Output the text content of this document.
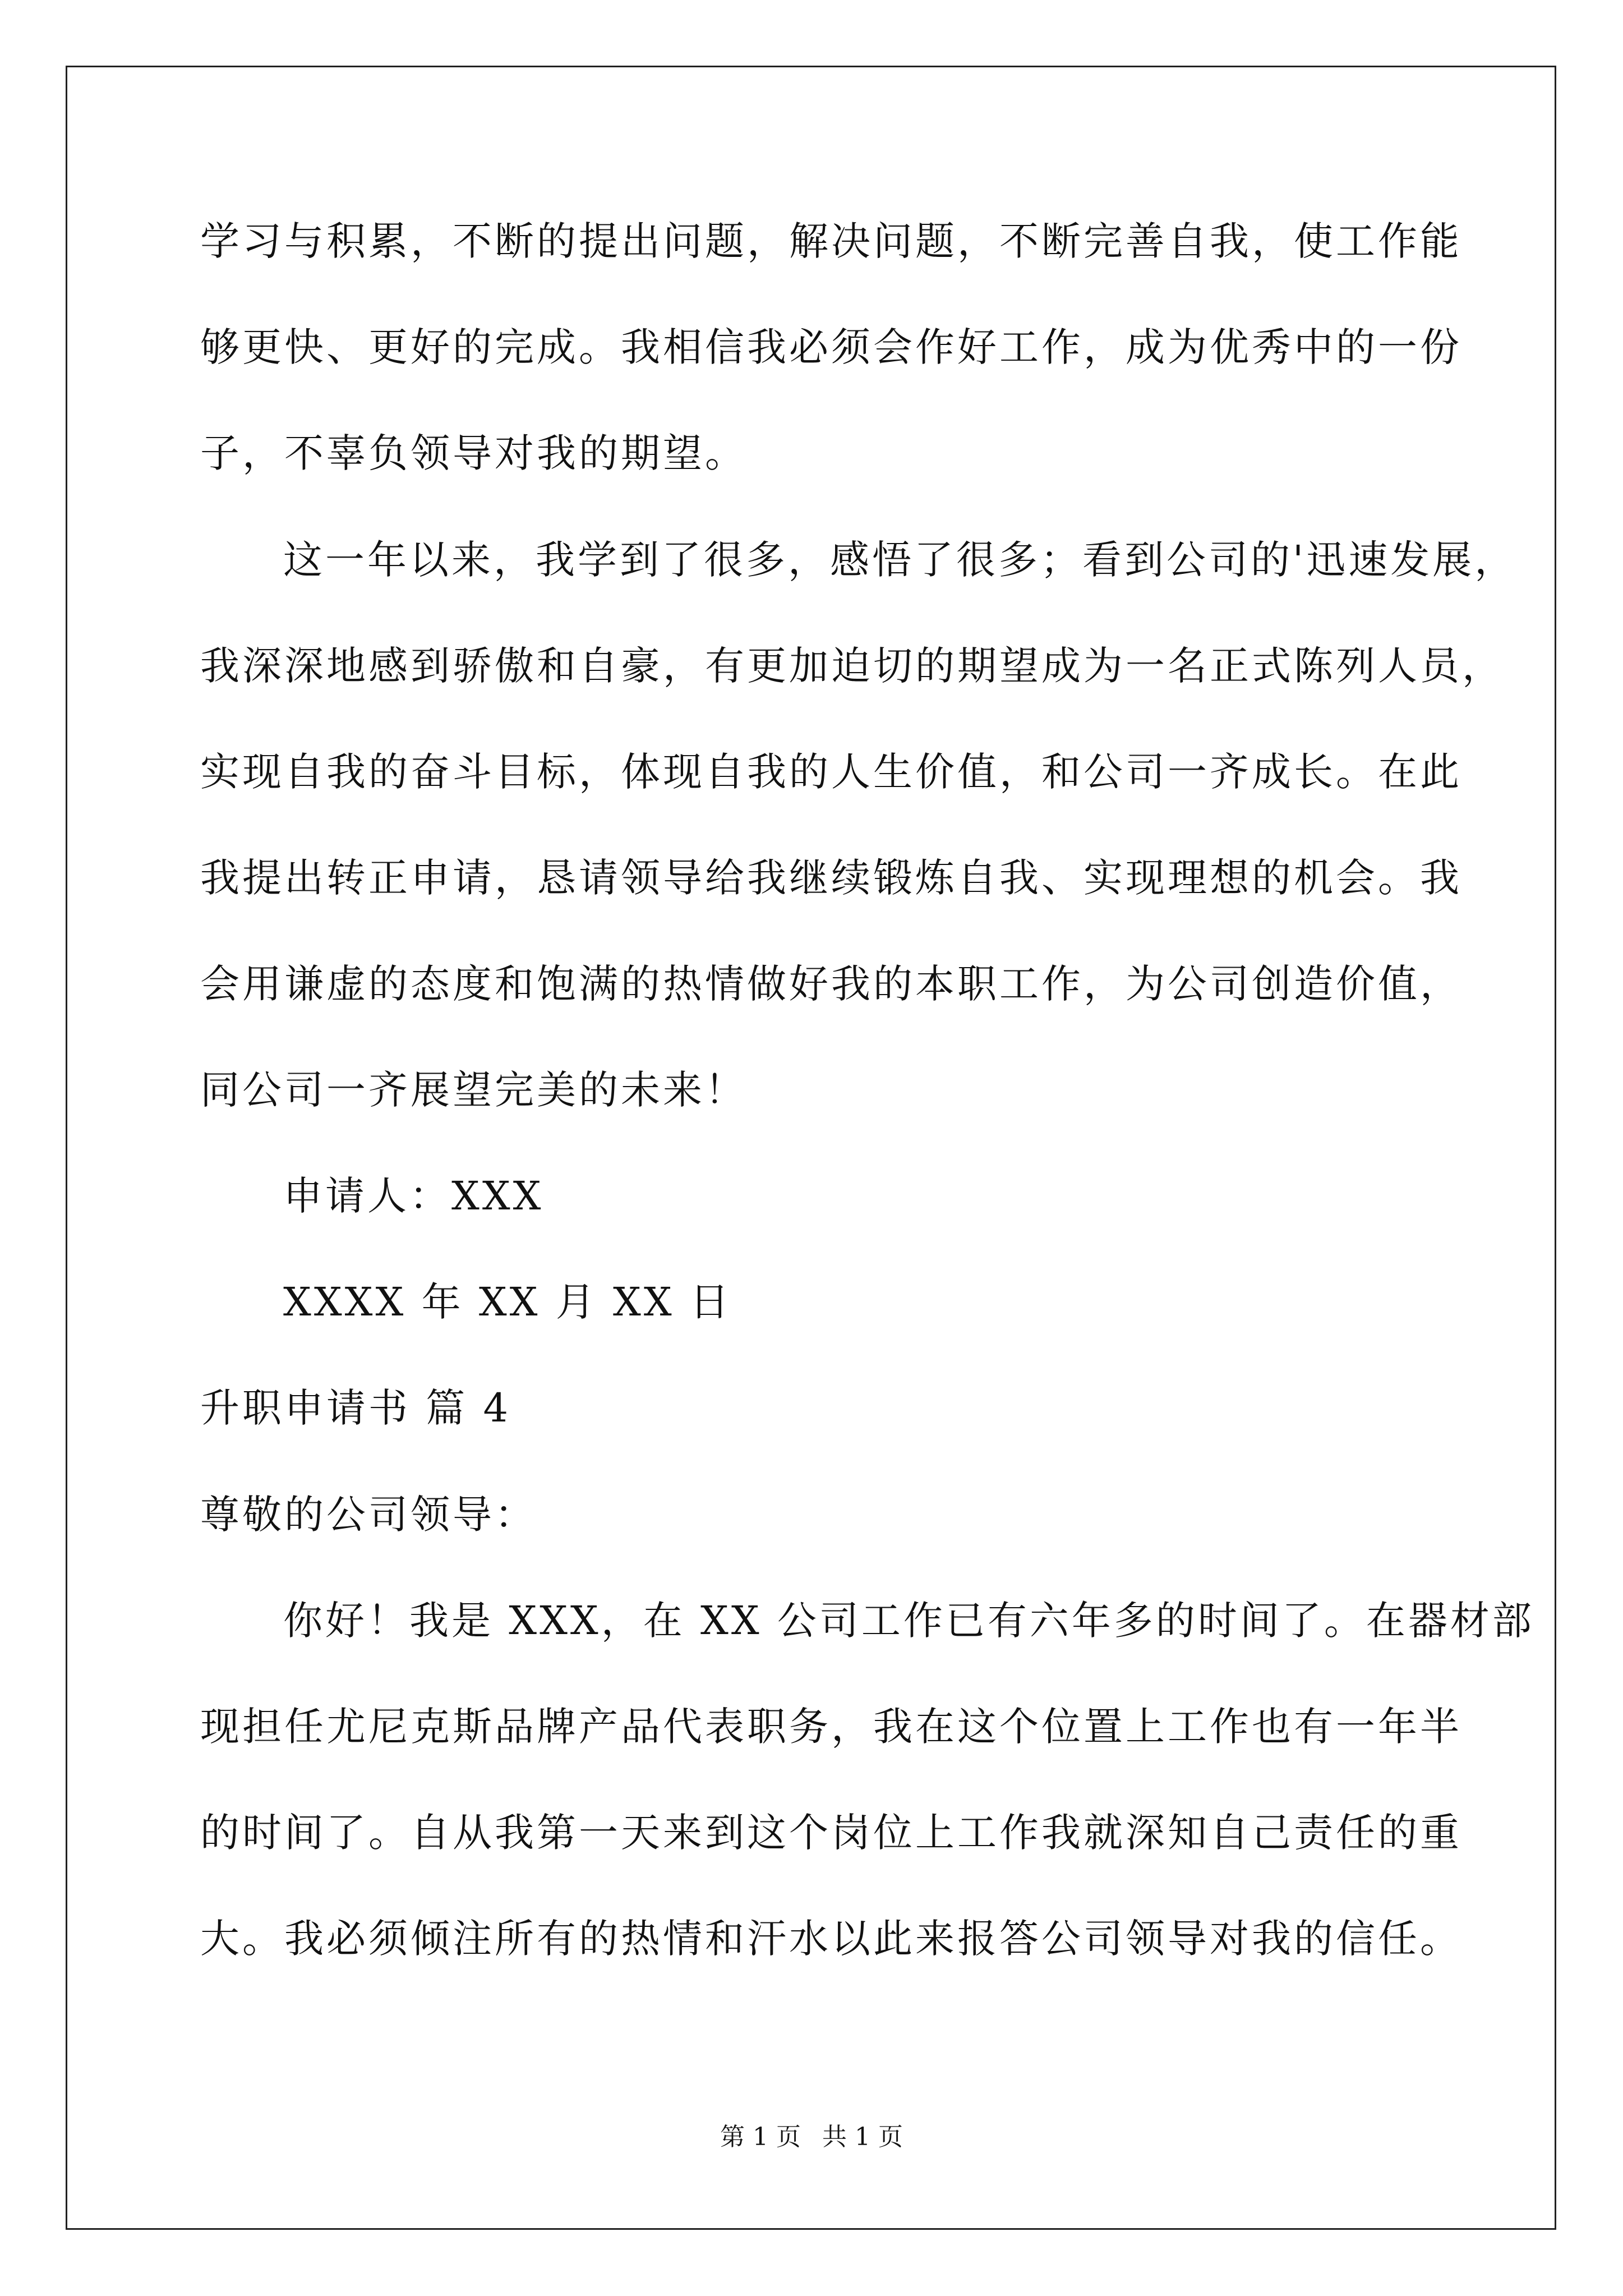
学习与积累，不断的提出问题，解决问题，不断完善自我，使工作能
够更快、更好的完成。我相信我必须会作好工作，成为优秀中的一份
子，不辜负领导对我的期望。
这一年以来，我学到了很多，感悟了很多；看到公司的'迅速发展，
我深深地感到骄傲和自豪，有更加迫切的期望成为一名正式陈列人员，
实现自我的奋斗目标，体现自我的人生价值，和公司一齐成长。在此
我提出转正申请，恳请领导给我继续锻炼自我、实现理想的机会。我
会用谦虚的态度和饱满的热情做好我的本职工作，为公司创造价值，
同公司一齐展望完美的未来！
申请人：XXX
XXXX 年 XX 月 XX 日
升职申请书 篇 4
尊敬的公司领导：
你好！我是 XXX，在 XX 公司工作已有六年多的时间了。在器材部
现担任尤尼克斯品牌产品代表职务，我在这个位置上工作也有一年半
的时间了。自从我第一天来到这个岗位上工作我就深知自己责任的重
大。我必须倾注所有的热情和汗水以此来报答公司领导对我的信任。
第 1 页 共 1 页
